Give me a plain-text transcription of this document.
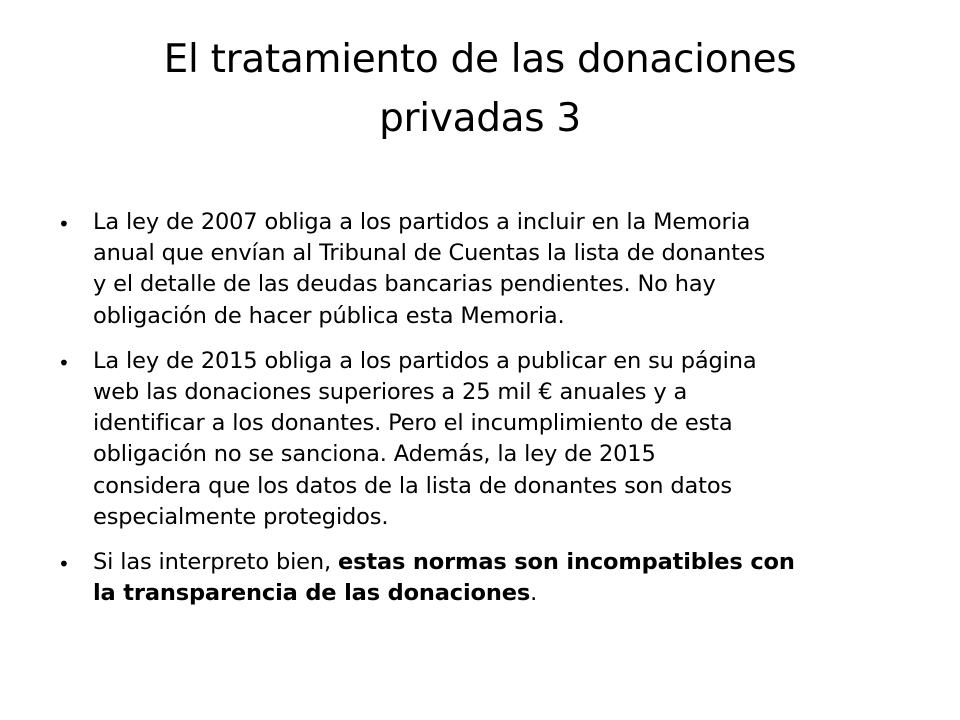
El tratamiento de las donaciones
privadas 3
• La ley de 2007 obliga a los partidos a incluir en la Memoria
anual que envían al Tribunal de Cuentas la lista de donantes
y el detalle de las deudas bancarias pendientes. No hay
obligación de hacer pública esta Memoria.
• La ley de 2015 obliga a los partidos a publicar en su página
web las donaciones superiores a 25 mil € anuales y a
identificar a los donantes. Pero el incumplimiento de esta
obligación no se sanciona. Además, la ley de 2015
considera que los datos de la lista de donantes son datos
especialmente protegidos.
• Si las interpreto bien, estas normas son incompatibles con
la transparencia de las donaciones.
